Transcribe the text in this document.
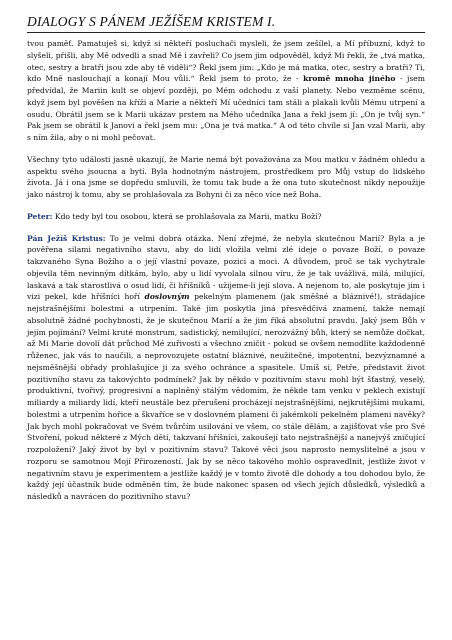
DIALOGY S PÁNEM JEŽÍŠEM KRISTEM I.

tvou paměť. Pamatuješ si, když si někteří posluchači mysleli, že jsem zešílel, a Mí příbuzní, když to slyšeli, přišli, aby Mě odvedli a snad Mě i zavřeli? Co jsem jim odpověděl, když Mi řekli, že „tvá matka, otec, sestry a bratři jsou zde aby tě viděli“? Řekl jsem jim: „Kdo je má matka, otec, sestry a bratři? Ti, kdo Mně naslouchají a konají Mou vůli.“ Řekl jsem to proto, že - kromě mnoha jiného - jsem předvídal, že Mariin kult se objeví později, po Mém odchodu z vaší planety. Nebo vezměme scénu, když jsem byl pověšen na kříži a Marie a někteří Mí učedníci tam stáli a plakali kvůli Mému utrpení a osudu. Obrátil jsem se k Marii ukázav prstem na Mého učedníka Jana a řekl jsem jí: „On je tvůj syn.“ Pak jsem se obrátil k Janovi a řekl jsem mu: „Ona je tvá matka.“ A od této chvíle si Jan vzal Marii, aby s ním žila, aby o ni mohl pečovat.

Všechny tyto události jasně ukazují, že Marie nemá být považována za Mou matku v žádném ohledu a aspektu svého jsoucna a bytí. Byla hodnotným nástrojem, prostředkem pro Můj vstup do lidského života. Já i ona jsme se dopředu smluvili, že tomu tak bude a že ona tuto skutečnost nikdy nepoužije jako nástroj k tomu, aby se prohlašovala za Bohyni či za něco více než Boha.

Peter: Kdo tedy byl tou osobou, která se prohlašovala za Marii, matku Boží?

Pán Ježíš Kristus: To je velmi dobrá otázka. Není zřejmé, že nebyla skutečnou Marií? Byla a je pověřena silami negativního stavu, aby do lidí vložila velmi zlé ideje o povaze Boží, o povaze takzvaného Syna Božího a o její vlastní povaze, pozici a moci. A důvodem, proč se tak vychytrale objevila těm nevinným dítkám, bylo, aby u lidí vyvolala silnou víru, že je tak uvážlivá, milá, milující, laskavá a tak starostlivá o osud lidí, či hříšníků - užijeme-li její slova. A nejenom to, ale poskytuje jim i vizi pekel, kde hříšníci hoří doslovným pekelným plamenem (jak směšné a bláznivé!), strádajíce nejstrašnějšími bolestmi a utrpením. Také jim poskytla jiná přesvědčivá znamení, takže nemají absolutně žádné pochybnosti, že je skutečnou Marií a že jim říká absolutní pravdu. Jaký jsem Bůh v jejím pojímání? Velmi kruté monstrum, sadistický, nemilující, nerozvážný bůh, který se nemůže dočkat, až Mi Marie dovolí dát průchod Mé zuřivosti a všechno zničit - pokud se ovšem nemodlíte každodenně růženec, jak vás to naučili, a neprovozujete ostatní bláznivé, neužitečné, impotentní, bezvýznamné a nejsměšnější obřady prohlašujíce ji za svého ochránce a spasitele. Umíš si, Petře, představit život pozitivního stavu za takovýchto podmínek? Jak by někdo v pozitivním stavu mohl být šťastný, veselý, produktivní, tvořivý, progresivní a naplněný stálým vědomím, že někde tam venku v peklech existují miliardy a miliardy lidí, kteří neustále bez přerušení procházejí nejstrašnějšími, nejkrutějšími mukami, bolestmi a utrpením hořice a škvaříce se v doslovném plameni či jakémkoli pekelném plameni navěky? Jak bych mohl pokračovat ve Svém tvůrčím usilování ve všem, co stále dělám, a zajišťovat vše pro Své Stvoření, pokud některé z Mých dětí, takzvaní hříšníci, zakoušejí tato nejstrašnější a nanejvýš zničující rozpoložení? Jaký život by byl v pozitivním stavu? Takové věci jsou naprosto nemyslitelné a jsou v rozporu se samotnou Mojí Přirozeností. Jak by se něco takového mohlo ospravedlnit, jestliže život v negativním stavu je experimentem a jestliže každý je v tomto životě dle dohody a tou dohodou bylo, že každý její účastník bude odměněn tím, že bude nakonec spasen od všech jejích důsledků, výsledků a následků a navrácen do pozitivního stavu?
